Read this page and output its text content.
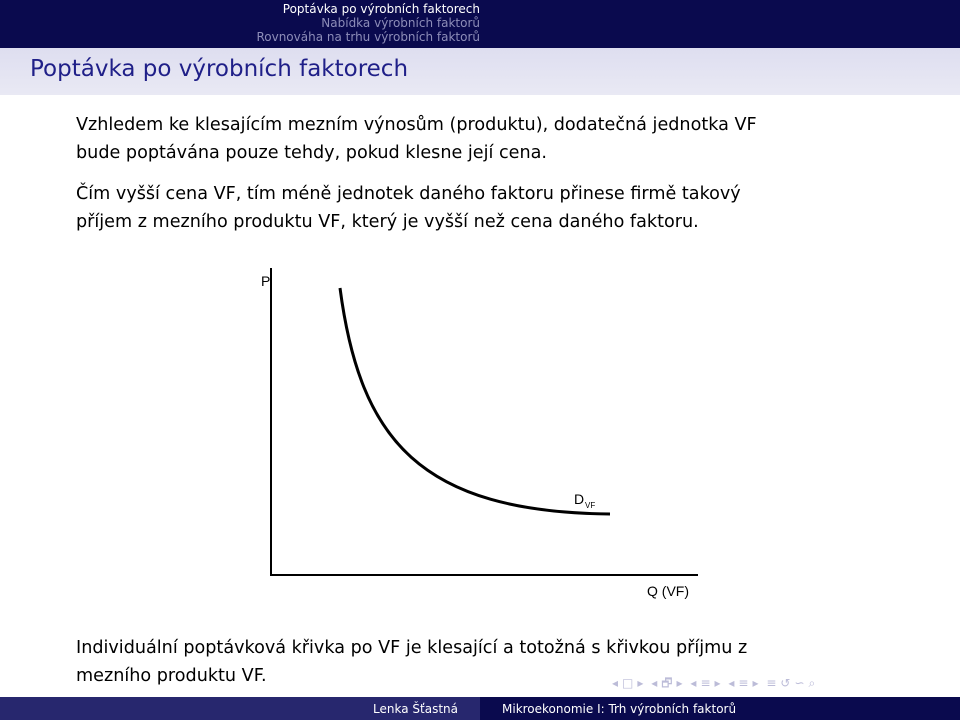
Poptávka po výrobních faktorech
Nabídka výrobních faktorů
Rovnováha na trhu výrobních faktorů
Poptávka po výrobních faktorech
Vzhledem ke klesajícím mezním výnosům (produktu), dodatečná jednotka VF
bude poptávána pouze tehdy, pokud klesne její cena.
Čím vyšší cena VF, tím méně jednotek daného faktoru přinese firmě takový
příjem z mezního produktu VF, který je vyšší než cena daného faktoru.
P
Q (VF)
D VF
Individuální poptávková křivka po VF je klesající a totožná s křivkou příjmu z
mezního produktu VF.	◂ □ ▸ ◂ 🗗 ▸ ◂ ≡ ▸ ◂ ≡ ▸ ≡ ↺ ∽ ⌕
Lenka Šťastná	Mikroekonomie I: Trh výrobních faktorů
